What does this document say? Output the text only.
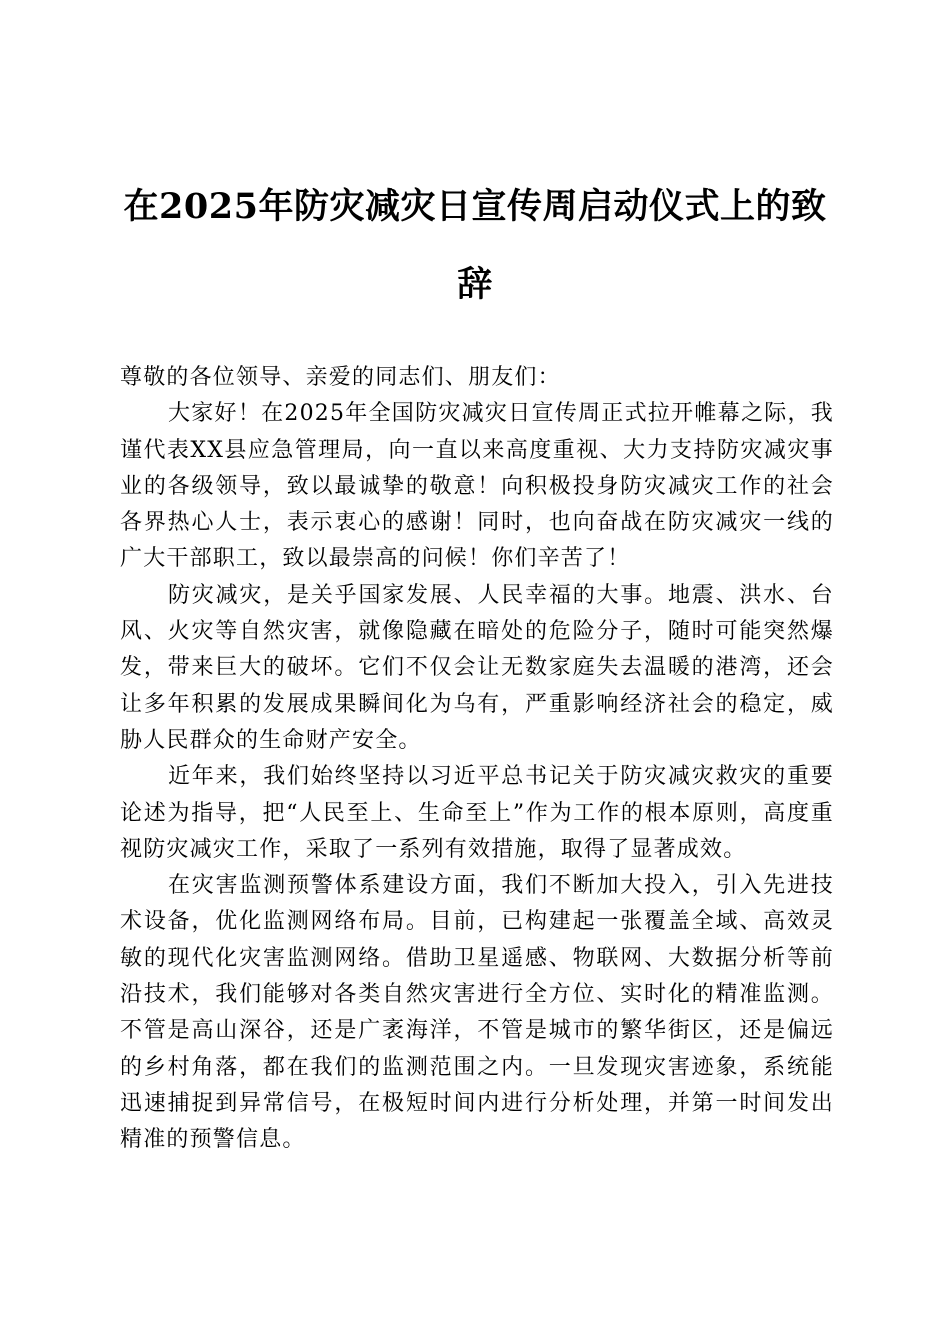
在2025年防灾减灾日宣传周启动仪式上的致辞

尊敬的各位领导、亲爱的同志们、朋友们：

大家好！在2025年全国防灾减灾日宣传周正式拉开帷幕之际，我谨代表XX县应急管理局，向一直以来高度重视、大力支持防灾减灾事业的各级领导，致以最诚挚的敬意！向积极投身防灾减灾工作的社会各界热心人士，表示衷心的感谢！同时，也向奋战在防灾减灾一线的广大干部职工，致以最崇高的问候！你们辛苦了！

防灾减灾，是关乎国家发展、人民幸福的大事。地震、洪水、台风、火灾等自然灾害，就像隐藏在暗处的危险分子，随时可能突然爆发，带来巨大的破坏。它们不仅会让无数家庭失去温暖的港湾，还会让多年积累的发展成果瞬间化为乌有，严重影响经济社会的稳定，威胁人民群众的生命财产安全。

近年来，我们始终坚持以习近平总书记关于防灾减灾救灾的重要论述为指导，把“人民至上、生命至上”作为工作的根本原则，高度重视防灾减灾工作，采取了一系列有效措施，取得了显著成效。

在灾害监测预警体系建设方面，我们不断加大投入，引入先进技术设备，优化监测网络布局。目前，已构建起一张覆盖全域、高效灵敏的现代化灾害监测网络。借助卫星遥感、物联网、大数据分析等前沿技术，我们能够对各类自然灾害进行全方位、实时化的精准监测。不管是高山深谷，还是广袤海洋，不管是城市的繁华街区，还是偏远的乡村角落，都在我们的监测范围之内。一旦发现灾害迹象，系统能迅速捕捉到异常信号，在极短时间内进行分析处理，并第一时间发出精准的预警信息。
